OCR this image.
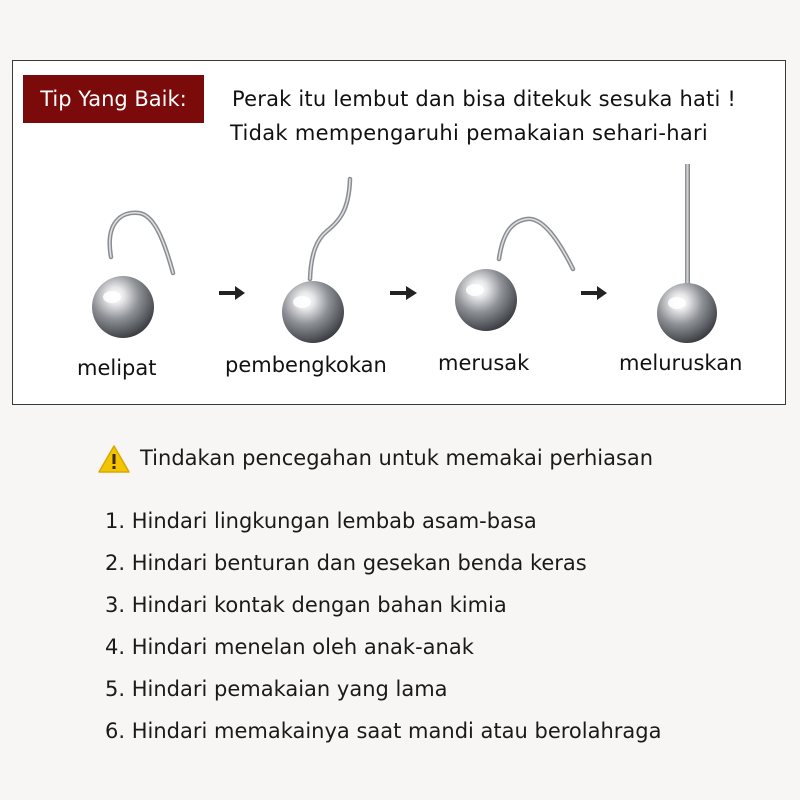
Tip Yang Baik:	Perak itu lembut dan bisa ditekuk sesuka hati !
Tidak mempengaruhi pemakaian sehari-hari
melipat	pembengkokan merusak	meluruskan
Tindakan pencegahan untuk memakai perhiasan
1. Hindari lingkungan lembab asam-basa
2. Hindari benturan dan gesekan benda keras
3. Hindari kontak dengan bahan kimia
4. Hindari menelan oleh anak-anak
5. Hindari pemakaian yang lama
6. Hindari memakainya saat mandi atau berolahraga
